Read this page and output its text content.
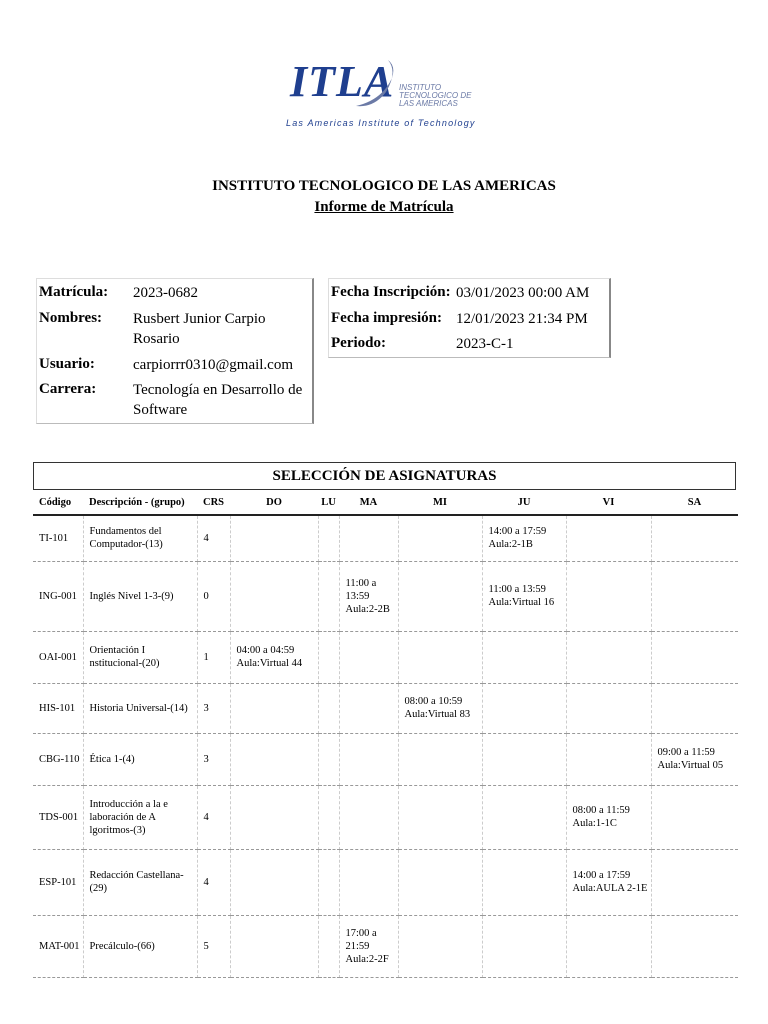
ITLA INSTITUTO
TECNOLOGICO DE
LAS AMERICAS
Las Americas Institute of Technology
INSTITUTO TECNOLOGICO DE LAS AMERICAS
Informe de Matrícula
Matrícula: 2023-0682
Nombres: Rusbert Junior Carpio Rosario
Usuario:	carpiorrr0310@gmail.com
Carrera: Tecnología en Desarrollo de Software
Fecha Inscripción: 03/01/2023 00:00 AM
Fecha impresión: 12/01/2023 21:34 PM
Periodo:	2023-C-1
SELECCIÓN DE ASIGNATURAS
Código	Descripción - (grupo)	CRS	DO	LU	MA	MI	JU	VI	SA
TI-101	Fundamentos del Computador-(13)	4					14:00 a 17:59 Aula:2-1B		
ING-001	Inglés Nivel 1-3-(9)	0			11:00 a 13:59 Aula:2-2B		11:00 a 13:59 Aula:Virtual 16		
OAI-001	Orientación I nstitucional-(20)	1	04:00 a 04:59 Aula:Virtual 44						
HIS-101	Historia Universal-(14)	3				08:00 a 10:59 Aula:Virtual 83			
CBG-110	Ética 1-(4)	3							09:00 a 11:59 Aula:Virtual 05
TDS-001	Introducción a la e laboración de A lgoritmos-(3)	4						08:00 a 11:59 Aula:1-1C	
ESP-101	Redacción Castellana-(29)	4						14:00 a 17:59 Aula:AULA 2-1E	
MAT-001	Precálculo-(66)	5			17:00 a 21:59 Aula:2-2F				
